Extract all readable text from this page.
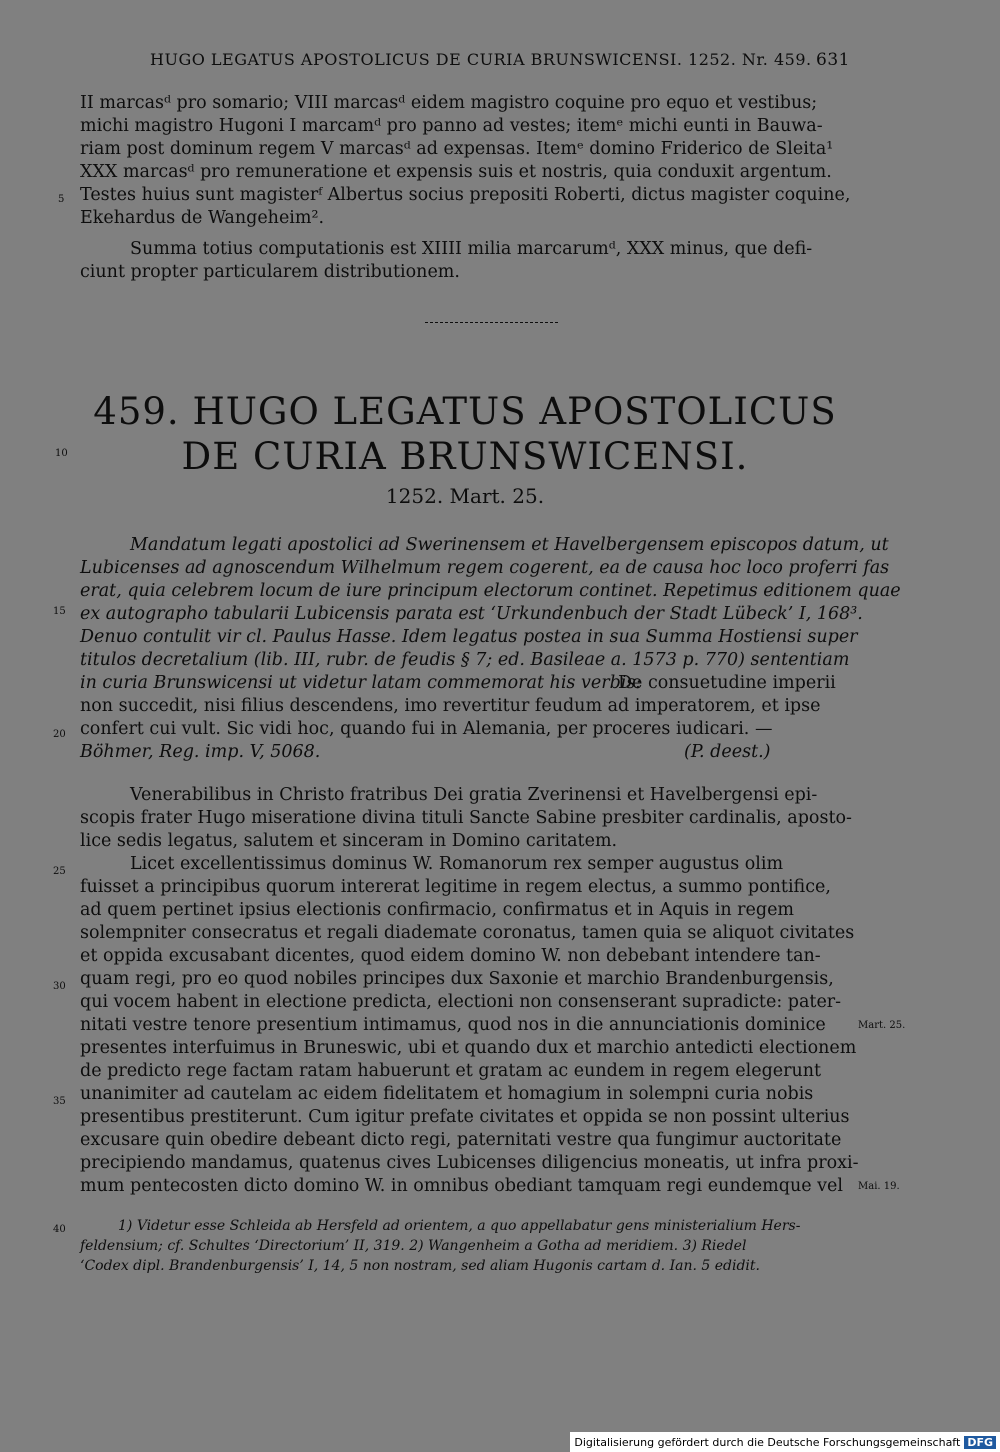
HUGO LEGATUS APOSTOLICUS DE CURIA BRUNSWICENSI. 1252. Nr. 459. 631
II marcasᵈ pro somario; VIII marcasᵈ eidem magistro coquine pro equo et vestibus;
michi magistro Hugoni I marcamᵈ pro panno ad vestes; itemᵉ michi eunti in Bauwa-
riam post dominum regem V marcasᵈ ad expensas. Itemᵉ domino Friderico de Sleita¹
XXX marcasᵈ pro remuneratione et expensis suis et nostris, quia conduxit argentum.
Testes huius sunt magisterᶠ Albertus socius prepositi Roberti, dictus magister coquine,
Ekehardus de Wangeheim².
Summa totius computationis est XIIII milia marcarumᵈ, XXX minus, que defi-
ciunt propter particularem distributionem.
5
459. HUGO LEGATUS APOSTOLICUS
DE CURIA BRUNSWICENSI.
10
1252. Mart. 25.
Mandatum legati apostolici ad Swerinensem et Havelbergensem episcopos datum, ut
Lubicenses ad agnoscendum Wilhelmum regem cogerent, ea de causa hoc loco proferri fas
erat, quia celebrem locum de iure principum electorum continet. Repetimus editionem quae
ex autographo tabularii Lubicensis parata est ‘Urkundenbuch der Stadt Lübeck’ I, 168³.
Denuo contulit vir cl. Paulus Hasse. Idem legatus postea in sua Summa Hostiensi super
titulos decretalium (lib. III, rubr. de feudis § 7; ed. Basileae a. 1573 p. 770) sententiam
in curia Brunswicensi ut videtur latam commemorat his verbis:
De consuetudine imperii
non succedit, nisi filius descendens, imo revertitur feudum ad imperatorem, et ipse
confert cui vult. Sic vidi hoc, quando fui in Alemania, per proceres iudicari. —
Böhmer, Reg. imp. V, 5068.	(P. deest.)
15
20
Venerabilibus in Christo fratribus Dei gratia Zverinensi et Havelbergensi epi-
scopis frater Hugo miseratione divina tituli Sancte Sabine presbiter cardinalis, aposto-
lice sedis legatus, salutem et sinceram in Domino caritatem.
Licet excellentissimus dominus W. Romanorum rex semper augustus olim
fuisset a principibus quorum intererat legitime in regem electus, a summo pontifice,
ad quem pertinet ipsius electionis confirmacio, confirmatus et in Aquis in regem
solempniter consecratus et regali diademate coronatus, tamen quia se aliquot civitates
et oppida excusabant dicentes, quod eidem domino W. non debebant intendere tan-
quam regi, pro eo quod nobiles principes dux Saxonie et marchio Brandenburgensis,
qui vocem habent in electione predicta, electioni non consenserant supradicte: pater-
nitati vestre tenore presentium intimamus, quod nos in die annunciationis dominice
presentes interfuimus in Bruneswic, ubi et quando dux et marchio antedicti electionem
de predicto rege factam ratam habuerunt et gratam ac eundem in regem elegerunt
unanimiter ad cautelam ac eidem fidelitatem et homagium in solempni curia nobis
presentibus prestiterunt. Cum igitur prefate civitates et oppida se non possint ulterius
excusare quin obedire debeant dicto regi, paternitati vestre qua fungimur auctoritate
precipiendo mandamus, quatenus cives Lubicenses diligencius moneatis, ut infra proxi-
mum pentecosten dicto domino W. in omnibus obediant tamquam regi eundemque vel
25
30
35
Mart. 25.
Mai. 19.
1) Videtur esse Schleida ab Hersfeld ad orientem, a quo appellabatur gens ministerialium Hers-
feldensium; cf. Schultes ‘Directorium’ II, 319. 2) Wangenheim a Gotha ad meridiem. 3) Riedel
‘Codex dipl. Brandenburgensis’ I, 14, 5 non nostram, sed aliam Hugonis cartam d. Ian. 5 edidit.
40
Digitalisierung gefördert durch die Deutsche Forschungsgemeinschaft DFG
